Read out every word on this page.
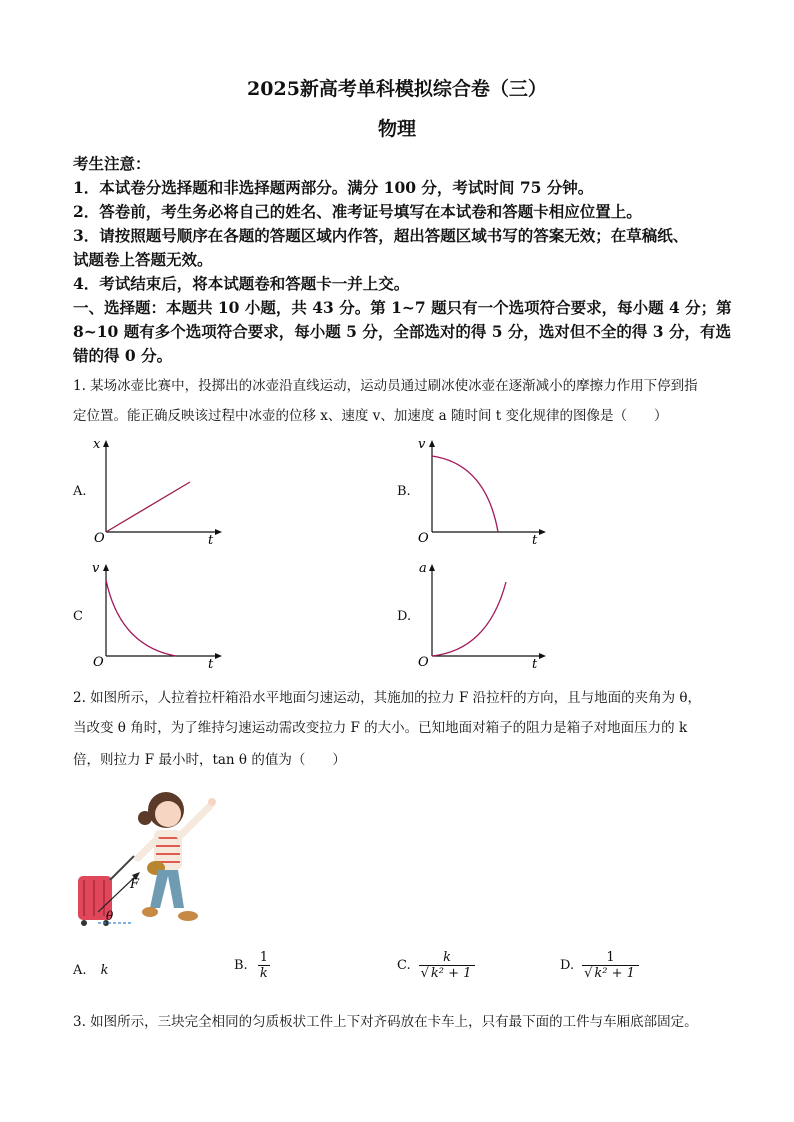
2025新高考单科模拟综合卷（三）
物理
考生注意：
1．本试卷分选择题和非选择题两部分。满分 100 分，考试时间 75 分钟。
2．答卷前，考生务必将自己的姓名、准考证号填写在本试卷和答题卡相应位置上。
3．请按照题号顺序在各题的答题区域内作答，超出答题区域书写的答案无效；在草稿纸、
试题卷上答题无效。
4．考试结束后，将本试题卷和答题卡一并上交。
一、选择题：本题共 10 小题，共 43 分。第 1~7 题只有一个选项符合要求，每小题 4 分；第
8~10 题有多个选项符合要求，每小题 5 分，全部选对的得 5 分，选对但不全的得 3 分，有选
错的得 0 分。
1. 某场冰壶比赛中，投掷出的冰壶沿直线运动，运动员通过刷冰使冰壶在逐渐减小的摩擦力作用下停到指
定位置。能正确反映该过程中冰壶的位移 x、速度 v、加速度 a 随时间 t 变化规律的图像是（　　）
A.
x
O	t
B.
v
O	t
C
v
O	t
D.
a
O	t
2. 如图所示，人拉着拉杆箱沿水平地面匀速运动，其施加的拉力 F 沿拉杆的方向，且与地面的夹角为 θ，
当改变 θ 角时，为了维持匀速运动需改变拉力 F 的大小。已知地面对箱子的阻力是箱子对地面压力的 k
倍，则拉力 F 最小时，tan θ 的值为（　　）
F
θ
A. k	B. $\frac{1}{k}$	C. $\frac{k}{\text{√ k² + 1}}$	D. $\frac{1}{\text{√ k² + 1}}$
3. 如图所示，三块完全相同的匀质板状工件上下对齐码放在卡车上，只有最下面的工件与车厢底部固定。
